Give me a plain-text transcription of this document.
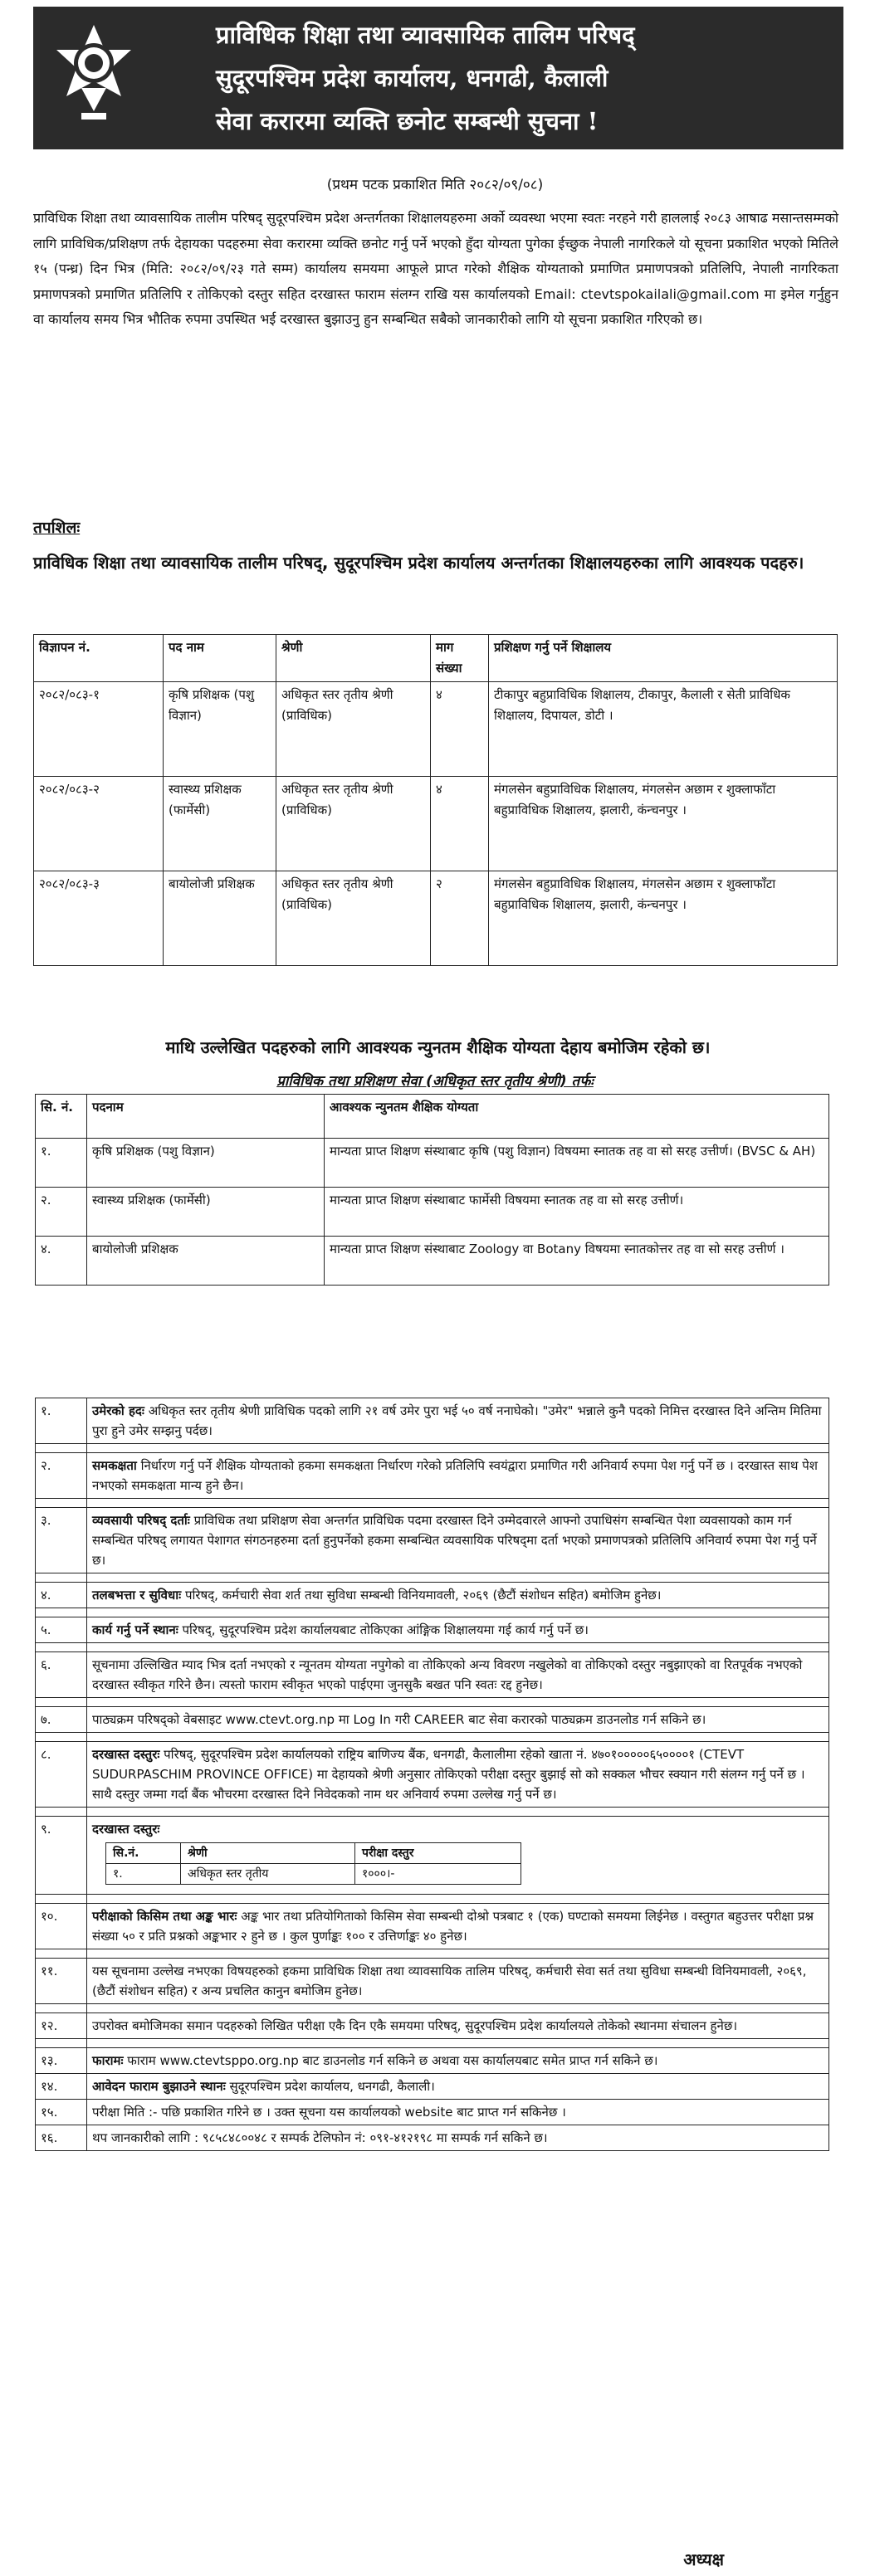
प्राविधिक शिक्षा तथा व्यावसायिक तालिम परिषद्
सुदूरपश्चिम प्रदेश कार्यालय, धनगढी, कैलाली
सेवा करारमा व्यक्ति छनोट सम्बन्धी सुचना !
(प्रथम पटक प्रकाशित मिति २०८२/०९/०८)
प्राविधिक शिक्षा तथा व्यावसायिक तालीम परिषद् सुदूरपश्चिम प्रदेश अन्तर्गतका शिक्षालयहरुमा अर्को व्यवस्था भएमा स्वतः नरहने गरी हाललाई २०८३ आषाढ मसान्तसम्मको लागि प्राविधिक/प्रशिक्षण तर्फ देहायका पदहरुमा सेवा करारमा व्यक्ति छनोट गर्नु पर्ने भएकाे हुँदा योग्यता पुगेका ईच्छुक नेपाली नागरिकले यो सूचना प्रकाशित भएको मितिले १५ (पन्ध्र) दिन भित्र (मिति: २०८२/०९/२३ गते सम्म) कार्यालय समयमा आफूले प्राप्त गरेको शैक्षिक योग्यताको प्रमाणित प्रमाणपत्रको प्रतिलिपि, नेपाली नागरिकता प्रमाणपत्रको प्रमाणित प्रतिलिपि र तोकिएको दस्तुर सहित दरखास्त फाराम संलग्न राखि यस कार्यालयको Email: ctevtspokailali@gmail.com मा इमेल गर्नुहुन वा कार्यालय समय भित्र भौतिक रुपमा उपस्थित भई दरखास्त बुझाउनु हुन सम्बन्धित सबैको जानकारीको लागि यो सूचना प्रकाशित गरिएको छ।
तपशिलः
प्राविधिक शिक्षा तथा व्यावसायिक तालीम परिषद्, सुदूरपश्चिम प्रदेश कार्यालय अन्तर्गतका शिक्षालयहरुका लागि आवश्यक पदहरु।
विज्ञापन नं.	पद नाम	श्रेणी	माग संख्या	प्रशिक्षण गर्नु पर्ने शिक्षालय
२०८२/०८३-१	कृषि प्रशिक्षक (पशु विज्ञान)	अधिकृत स्तर तृतीय श्रेणी (प्राविधिक)	४	टीकापुर बहुप्राविधिक शिक्षालय, टीकापुर, कैलाली र सेती प्राविधिक शिक्षालय, दिपायल, डोटी ।
२०८२/०८३-२	स्वास्थ्य प्रशिक्षक (फार्मेसी)	अधिकृत स्तर तृतीय श्रेणी (प्राविधिक)	४	मंगलसेन बहुप्राविधिक शिक्षालय, मंगलसेन अछाम र शुक्लाफाँटा बहुप्राविधिक शिक्षालय, झलारी, कंन्चनपुर ।
२०८२/०८३-३	बायोलोजी प्रशिक्षक	अधिकृत स्तर तृतीय श्रेणी (प्राविधिक)	२	मंगलसेन बहुप्राविधिक शिक्षालय, मंगलसेन अछाम र शुक्लाफाँटा बहुप्राविधिक शिक्षालय, झलारी, कंन्चनपुर ।
माथि उल्लेखित पदहरुको लागि आवश्यक न्युनतम शैक्षिक योग्यता देहाय बमोजिम रहेको छ।
प्राविधिक तथा प्रशिक्षण सेवा (अधिकृत स्तर तृतीय श्रेणी) तर्फः
सि. नं.	पदनाम	आवश्यक न्युनतम शैक्षिक योग्यता
१.	कृषि प्रशिक्षक (पशु विज्ञान)	मान्यता प्राप्त शिक्षण संस्थाबाट कृषि (पशु विज्ञान) विषयमा स्नातक तह वा सो सरह उत्तीर्ण। (BVSC & AH)
२.	स्वास्थ्य प्रशिक्षक (फार्मेसी)	मान्यता प्राप्त शिक्षण संस्थाबाट फार्मेसी विषयमा स्नातक तह वा सो सरह उत्तीर्ण।
४.	बायोलोजी प्रशिक्षक	मान्यता प्राप्त शिक्षण संस्थाबाट Zoology वा Botany विषयमा स्नातकोत्तर तह वा सो सरह उत्तीर्ण ।
१.	उमेरको हदः अधिकृत स्तर तृतीय श्रेणी प्राविधिक पदको लागि २१ वर्ष उमेर पुरा भई ५० वर्ष ननाघेको। "उमेर" भन्नाले कुनै पदको निमित्त दरखास्त दिने अन्तिम मितिमा पुरा हुने उमेर सम्झनु पर्दछ।

२.	समकक्षता निर्धारण गर्नु पर्ने शैक्षिक योग्यताको हकमा समकक्षता निर्धारण गरेको प्रतिलिपि स्वयंद्वारा प्रमाणित गरी अनिवार्य रुपमा पेश गर्नु पर्ने छ । दरखास्त साथ पेश नभएको समकक्षता मान्य हुने छैन।

३.	व्यवसायी परिषद् दर्ताः प्राविधिक तथा प्रशिक्षण सेवा अन्तर्गत प्राविधिक पदमा दरखास्त दिने उम्मेदवारले आफ्नो उपाधिसंग सम्बन्धित पेशा व्यवसायको काम गर्न सम्बन्धित परिषद् लगायत पेशागत संगठनहरुमा दर्ता हुनुपर्नेको हकमा सम्बन्धित व्यवसायिक परिषद्‌मा दर्ता भएको प्रमाणपत्रको प्रतिलिपि अनिवार्य रुपमा पेश गर्नु पर्ने छ।

४.	तलबभत्ता र सुविधाः परिषद्, कर्मचारी सेवा शर्त तथा सुविधा सम्बन्धी विनियमावली, २०६९ (छैटौं संशोधन सहित) बमोजिम हुनेछ।

५.	कार्य गर्नु पर्ने स्थानः परिषद्, सुदूरपश्चिम प्रदेश कार्यालयबाट तोकिएका आंङ्गिक शिक्षालयमा गई कार्य गर्नु पर्ने छ।

६.	सूचनामा उल्लिखित म्याद भित्र दर्ता नभएको र न्यूनतम योग्यता नपुगेको वा तोकिएको अन्य विवरण नखुलेको वा तोकिएको दस्तुर नबुझाएको वा रितपूर्वक नभएको दरखास्त स्वीकृत गरिने छैन। त्यस्तो फाराम स्वीकृत भएको पाईएमा जुनसुकै बखत पनि स्वतः रद्द हुनेछ।

७.	पाठ्यक्रम परिषद्को वेबसाइट www.ctevt.org.np मा Log In गरी CAREER बाट सेवा करारको पाठ्यक्रम डाउनलोड गर्न सकिने छ।

८.	दरखास्त दस्तुरः परिषद्, सुदूरपश्चिम प्रदेश कार्यालयको राष्ट्रिय बाणिज्य बैंक, धनगढी, कैलालीमा रहेको खाता नं. ४७०१०००००६५००००१ (CTEVT SUDURPASCHIM PROVINCE OFFICE) मा देहायको श्रेणी अनुसार तोकिएको परीक्षा दस्तुर बुझाई सो को सक्कल भौचर स्क्यान गरी संलग्न गर्नु पर्ने छ । साथै दस्तुर जम्मा गर्दा बैंक भौचरमा दरखास्त दिने निवेदकको नाम थर अनिवार्य रुपमा उल्लेख गर्नु पर्ने छ।

९.	दरखास्त दस्तुरः
सि.नं.	श्रेणी	परीक्षा दस्तुर
१.	अधिकृत स्तर तृतीय	१०००।-

१०.	परीक्षाको किसिम तथा अङ्क भारः अङ्क भार तथा प्रतियोगिताको किसिम सेवा सम्बन्धी दोश्रो पत्रबाट १ (एक) घण्टाको समयमा लिईनेछ । वस्तुगत बहुउत्तर परीक्षा प्रश्न संख्या ५० र प्रति प्रश्नको अङ्कभार २ हुने छ । कुल पुर्णाङ्कः १०० र उत्तिर्णाङ्कः ४० हुनेछ।

११.	यस सूचनामा उल्लेख नभएका विषयहरुको हकमा प्राविधिक शिक्षा तथा व्यावसायिक तालिम परिषद्, कर्मचारी सेवा सर्त तथा सुविधा सम्बन्धी विनियमावली, २०६९, (छैटौं संशोधन सहित) र अन्य प्रचलित कानुन बमोजिम हुनेछ।

१२.	उपरोक्त बमोजिमका समान पदहरुको लिखित परीक्षा एकै दिन एकै समयमा परिषद्, सुदूरपश्चिम प्रदेश कार्यालयले तोकेको स्थानमा संचालन हुनेछ।

१३.	फारामः फाराम www.ctevtsppo.org.np बाट डाउनलोड गर्न सकिने छ अथवा यस कार्यालयबाट समेत प्राप्त गर्न सकिने छ।
१४.	आवेदन फाराम बुझाउने स्थानः सुदूरपश्चिम प्रदेश कार्यालय, धनगढी, कैलाली।
१५.	परीक्षा मिति :- पछि प्रकाशित गरिने छ । उक्त सूचना यस कार्यालयको website बाट प्राप्त गर्न सकिनेछ ।
१६.	थप जानकारीको लागि : ९८५८४८००४८ र सम्पर्क टेलिफोन नं: ०९१-४१२१९८ मा सम्पर्क गर्न सकिने छ।
अध्यक्ष
